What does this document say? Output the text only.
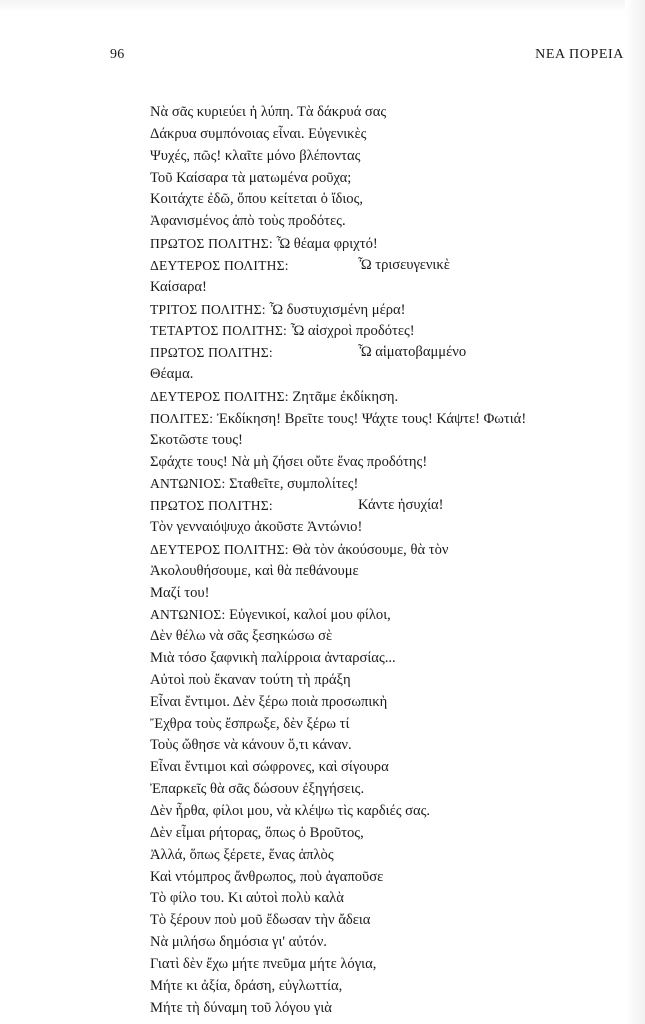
96	ΝΕΑ ΠΟΡΕΙΑ
Νὰ σᾶς κυριεύει ἡ λύπη. Τὰ δάκρυά σας
Δάκρυα συμπόνοιας εἶναι. Εὐγενικὲς
Ψυχές, πῶς! κλαῖτε μόνο βλέποντας
Τοῦ Καίσαρα τὰ ματωμένα ροῦχα;
Κοιτάχτε ἐδῶ, ὅπου κείτεται ὁ ἴδιος,
Ἀφανισμένος ἀπὸ τοὺς προδότες.
ΠΡΩΤΟΣ ΠΟΛΙΤΗΣ: Ὦ θέαμα φριχτό!
ΔΕΥΤΕΡΟΣ ΠΟΛΙΤΗΣ:	Ὦ τρισευγενικὲ
Καίσαρα!
ΤΡΙΤΟΣ ΠΟΛΙΤΗΣ: Ὦ δυστυχισμένη μέρα!
ΤΕΤΑΡΤΟΣ ΠΟΛΙΤΗΣ: Ὦ αἰσχροὶ προδότες!
ΠΡΩΤΟΣ ΠΟΛΙΤΗΣ:	Ὦ αἱματοβαμμένο
Θέαμα.
ΔΕΥΤΕΡΟΣ ΠΟΛΙΤΗΣ: Ζητᾶμε ἐκδίκηση.
ΠΟΛΙΤΕΣ: Ἐκδίκηση! Βρεῖτε τους! Ψάχτε τους! Κάψτε! Φωτιά!
Σκοτῶστε τους!
Σφάχτε τους! Νὰ μὴ ζήσει οὔτε ἕνας προδότης!
ΑΝΤΩΝΙΟΣ: Σταθεῖτε, συμπολίτες!
ΠΡΩΤΟΣ ΠΟΛΙΤΗΣ:	Κάντε ἡσυχία!
Τὸν γενναιόψυχο ἀκοῦστε Ἀντώνιο!
ΔΕΥΤΕΡΟΣ ΠΟΛΙΤΗΣ: Θὰ τὸν ἀκούσουμε, θὰ τὸν
Ἀκολουθήσουμε, καὶ θὰ πεθάνουμε
Μαζί του!
ΑΝΤΩΝΙΟΣ: Εὐγενικοί, καλοί μου φίλοι,
Δὲν θέλω νὰ σᾶς ξεσηκώσω σὲ
Μιὰ τόσο ξαφνικὴ παλίρροια ἀνταρσίας...
Αὐτοὶ ποὺ ἔκαναν τούτη τὴ πράξη
Εἶναι ἔντιμοι. Δὲν ξέρω ποιὰ προσωπικὴ
Ἔχθρα τοὺς ἔσπρωξε, δὲν ξέρω τί
Τοὺς ὤθησε νὰ κάνουν ὅ,τι κάναν.
Εἶναι ἔντιμοι καὶ σώφρονες, καὶ σίγουρα
Ἐπαρκεῖς θὰ σᾶς δώσουν ἐξηγήσεις.
Δὲν ἦρθα, φίλοι μου, νὰ κλέψω τὶς καρδιές σας.
Δὲν εἶμαι ρήτορας, ὅπως ὁ Βροῦτος,
Ἀλλά, ὅπως ξέρετε, ἕνας ἁπλὸς
Καὶ ντόμπρος ἄνθρωπος, ποὺ ἀγαποῦσε
Τὸ φίλο του. Κι αὐτοὶ πολὺ καλὰ
Τὸ ξέρουν ποὺ μοῦ ἔδωσαν τὴν ἄδεια
Νὰ μιλήσω δημόσια γι' αὐτόν.
Γιατὶ δὲν ἔχω μήτε πνεῦμα μήτε λόγια,
Μήτε κι ἀξία, δράση, εὐγλωττία,
Μήτε τὴ δύναμη τοῦ λόγου γιὰ
